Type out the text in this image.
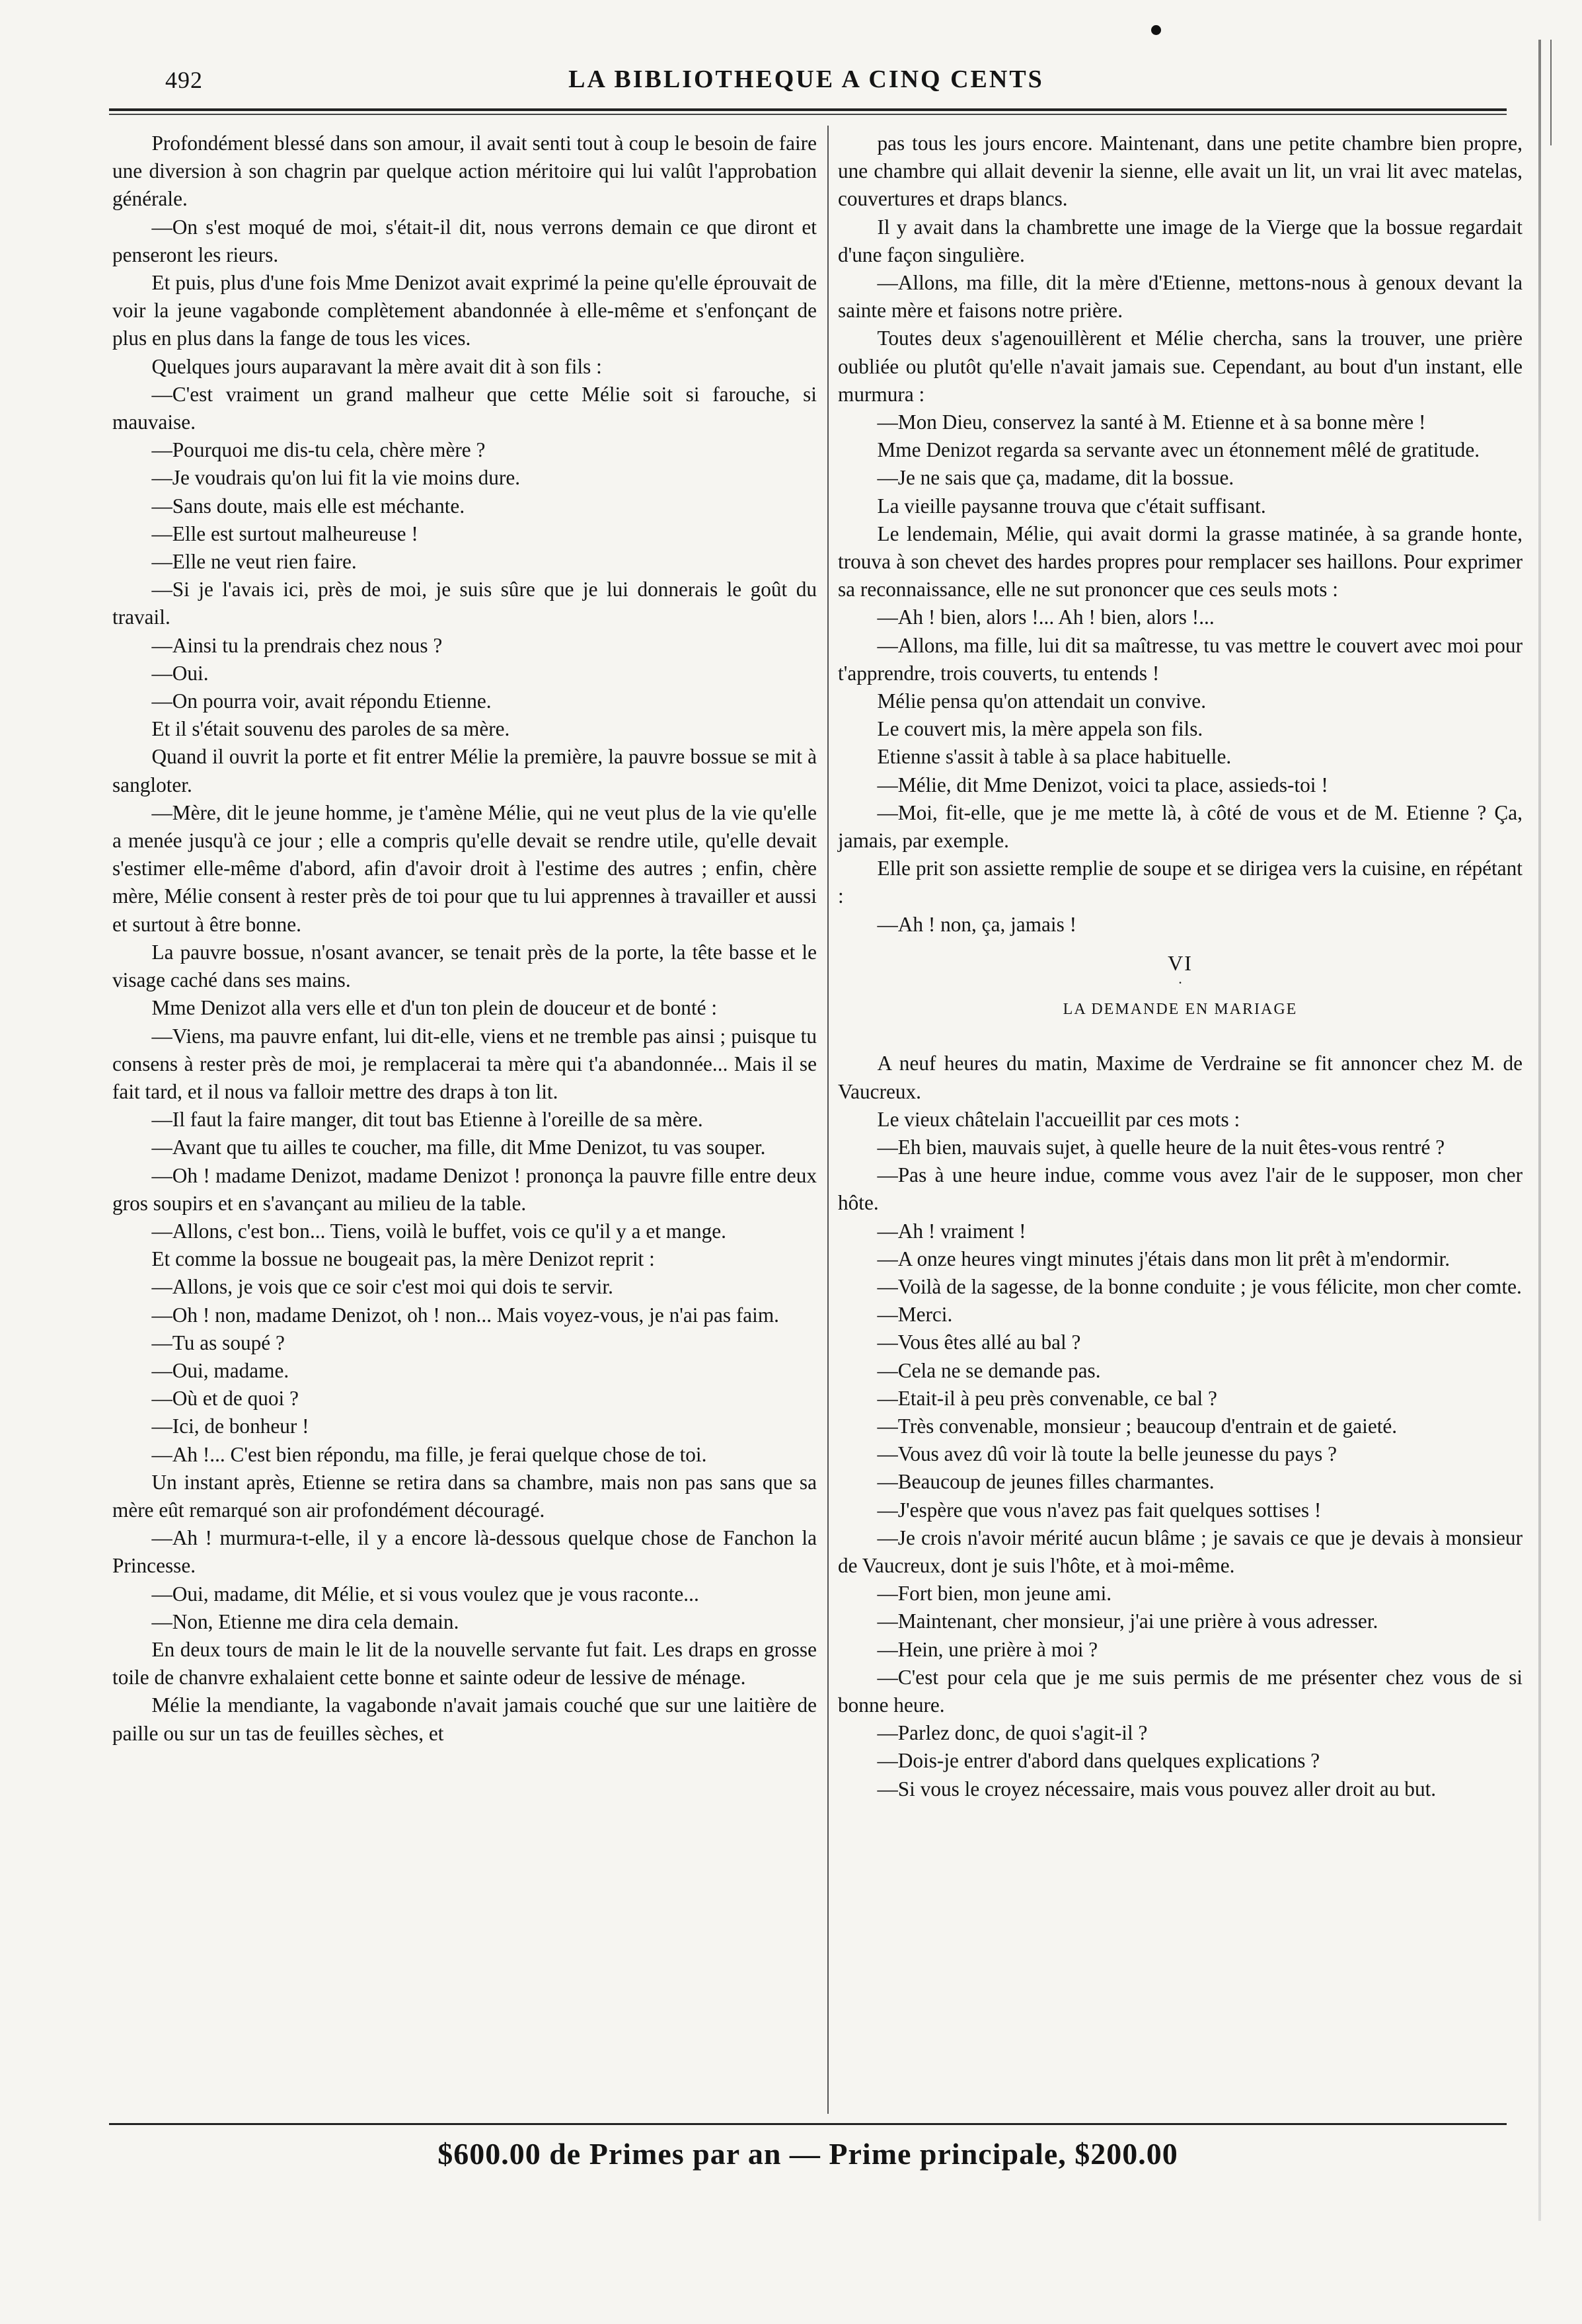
492	LA BIBLIOTHEQUE A CINQ CENTS

Profondément blessé dans son amour, il avait senti tout à coup le besoin de faire une diversion à son chagrin par quelque action méritoire qui lui valût l'approbation générale.

—On s'est moqué de moi, s'était-il dit, nous verrons demain ce que diront et penseront les rieurs.

Et puis, plus d'une fois Mme Denizot avait exprimé la peine qu'elle éprouvait de voir la jeune vagabonde complètement abandonnée à elle-même et s'enfonçant de plus en plus dans la fange de tous les vices.

Quelques jours auparavant la mère avait dit à son fils :

—C'est vraiment un grand malheur que cette Mélie soit si farouche, si mauvaise.

—Pourquoi me dis-tu cela, chère mère ?

—Je voudrais qu'on lui fit la vie moins dure.

—Sans doute, mais elle est méchante.

—Elle est surtout malheureuse !

—Elle ne veut rien faire.

—Si je l'avais ici, près de moi, je suis sûre que je lui donnerais le goût du travail.

—Ainsi tu la prendrais chez nous ?

—Oui.

—On pourra voir, avait répondu Etienne.

Et il s'était souvenu des paroles de sa mère.

Quand il ouvrit la porte et fit entrer Mélie la première, la pauvre bossue se mit à sangloter.

—Mère, dit le jeune homme, je t'amène Mélie, qui ne veut plus de la vie qu'elle a menée jusqu'à ce jour ; elle a compris qu'elle devait se rendre utile, qu'elle devait s'estimer elle-même d'abord, afin d'avoir droit à l'estime des autres ; enfin, chère mère, Mélie consent à rester près de toi pour que tu lui apprennes à travailler et aussi et surtout à être bonne.

La pauvre bossue, n'osant avancer, se tenait près de la porte, la tête basse et le visage caché dans ses mains.

Mme Denizot alla vers elle et d'un ton plein de douceur et de bonté :

—Viens, ma pauvre enfant, lui dit-elle, viens et ne tremble pas ainsi ; puisque tu consens à rester près de moi, je remplacerai ta mère qui t'a abandonnée... Mais il se fait tard, et il nous va falloir mettre des draps à ton lit.

—Il faut la faire manger, dit tout bas Etienne à l'oreille de sa mère.

—Avant que tu ailles te coucher, ma fille, dit Mme Denizot, tu vas souper.

—Oh ! madame Denizot, madame Denizot ! prononça la pauvre fille entre deux gros soupirs et en s'avançant au milieu de la table.

—Allons, c'est bon... Tiens, voilà le buffet, vois ce qu'il y a et mange.

Et comme la bossue ne bougeait pas, la mère Denizot reprit :

—Allons, je vois que ce soir c'est moi qui dois te servir.

—Oh ! non, madame Denizot, oh ! non... Mais voyez-vous, je n'ai pas faim.

—Tu as soupé ?

—Oui, madame.

—Où et de quoi ?

—Ici, de bonheur !

—Ah !... C'est bien répondu, ma fille, je ferai quelque chose de toi.

Un instant après, Etienne se retira dans sa chambre, mais non pas sans que sa mère eût remarqué son air profondément découragé.

—Ah ! murmura-t-elle, il y a encore là-dessous quelque chose de Fanchon la Princesse.

—Oui, madame, dit Mélie, et si vous voulez que je vous raconte...

—Non, Etienne me dira cela demain.

En deux tours de main le lit de la nouvelle servante fut fait. Les draps en grosse toile de chanvre exhalaient cette bonne et sainte odeur de lessive de ménage.

Mélie la mendiante, la vagabonde n'avait jamais couché que sur une laitière de paille ou sur un tas de feuilles sèches, et

pas tous les jours encore. Maintenant, dans une petite chambre bien propre, une chambre qui allait devenir la sienne, elle avait un lit, un vrai lit avec matelas, couvertures et draps blancs.

Il y avait dans la chambrette une image de la Vierge que la bossue regardait d'une façon singulière.

—Allons, ma fille, dit la mère d'Etienne, mettons-nous à genoux devant la sainte mère et faisons notre prière.

Toutes deux s'agenouillèrent et Mélie chercha, sans la trouver, une prière oubliée ou plutôt qu'elle n'avait jamais sue. Cependant, au bout d'un instant, elle murmura :

—Mon Dieu, conservez la santé à M. Etienne et à sa bonne mère !

Mme Denizot regarda sa servante avec un étonnement mêlé de gratitude.

—Je ne sais que ça, madame, dit la bossue.

La vieille paysanne trouva que c'était suffisant.

Le lendemain, Mélie, qui avait dormi la grasse matinée, à sa grande honte, trouva à son chevet des hardes propres pour remplacer ses haillons. Pour exprimer sa reconnaissance, elle ne sut prononcer que ces seuls mots :

—Ah ! bien, alors !... Ah ! bien, alors !...

—Allons, ma fille, lui dit sa maîtresse, tu vas mettre le couvert avec moi pour t'apprendre, trois couverts, tu entends !

Mélie pensa qu'on attendait un convive.

Le couvert mis, la mère appela son fils.

Etienne s'assit à table à sa place habituelle.

—Mélie, dit Mme Denizot, voici ta place, assieds-toi !

—Moi, fit-elle, que je me mette là, à côté de vous et de M. Etienne ? Ça, jamais, par exemple.

Elle prit son assiette remplie de soupe et se dirigea vers la cuisine, en répétant :

—Ah ! non, ça, jamais !

VI

·

LA DEMANDE EN MARIAGE

A neuf heures du matin, Maxime de Verdraine se fit annoncer chez M. de Vaucreux.

Le vieux châtelain l'accueillit par ces mots :

—Eh bien, mauvais sujet, à quelle heure de la nuit êtes-vous rentré ?

—Pas à une heure indue, comme vous avez l'air de le supposer, mon cher hôte.

—Ah ! vraiment !

—A onze heures vingt minutes j'étais dans mon lit prêt à m'endormir.

—Voilà de la sagesse, de la bonne conduite ; je vous félicite, mon cher comte.

—Merci.

—Vous êtes allé au bal ?

—Cela ne se demande pas.

—Etait-il à peu près convenable, ce bal ?

—Très convenable, monsieur ; beaucoup d'entrain et de gaieté.

—Vous avez dû voir là toute la belle jeunesse du pays ?

—Beaucoup de jeunes filles charmantes.

—J'espère que vous n'avez pas fait quelques sottises !

—Je crois n'avoir mérité aucun blâme ; je savais ce que je devais à monsieur de Vaucreux, dont je suis l'hôte, et à moi-même.

—Fort bien, mon jeune ami.

—Maintenant, cher monsieur, j'ai une prière à vous adresser.

—Hein, une prière à moi ?

—C'est pour cela que je me suis permis de me présenter chez vous de si bonne heure.

—Parlez donc, de quoi s'agit-il ?

—Dois-je entrer d'abord dans quelques explications ?

—Si vous le croyez nécessaire, mais vous pouvez aller droit au but.

$600.00 de Primes par an — Prime principale, $200.00
